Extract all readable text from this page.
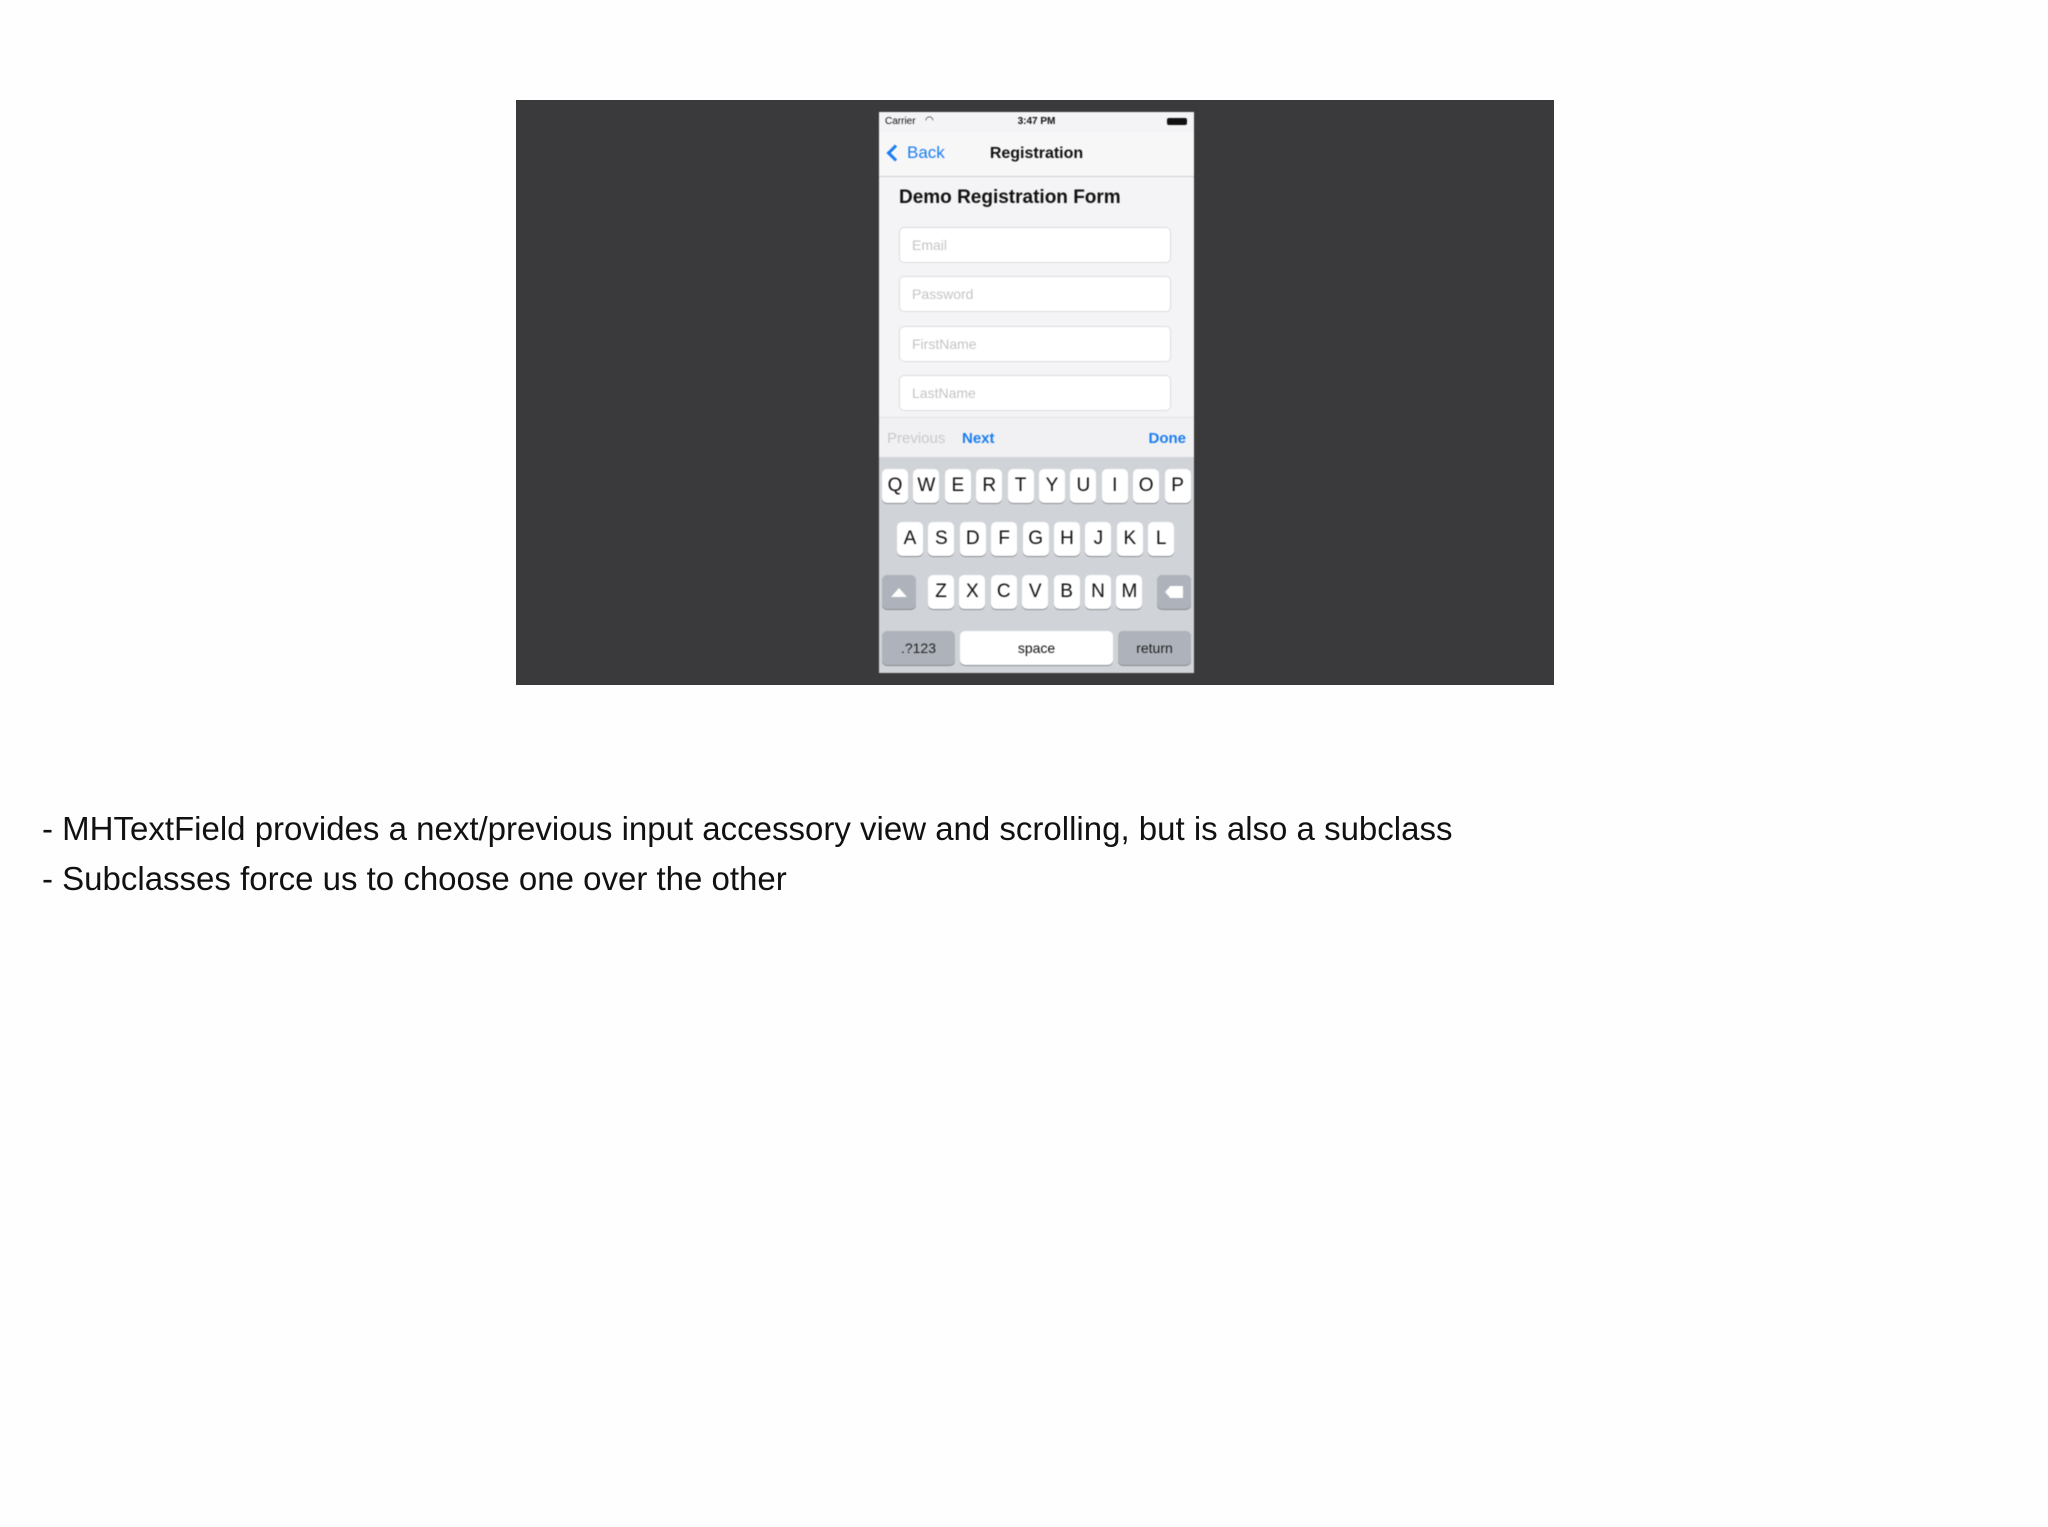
Carrier ◠	3:47 PM
Back	Registration
Demo Registration Form
Email
Password
FirstName
LastName
Previous Next	Done
Q W E R T	Y U	I	O P
A S D F G H	J	K	L
Z	X C V B N M
.?123	space	return
- MHTextField provides a next/previous input accessory view and scrolling, but is also a subclass
- Subclasses force us to choose one over the other
